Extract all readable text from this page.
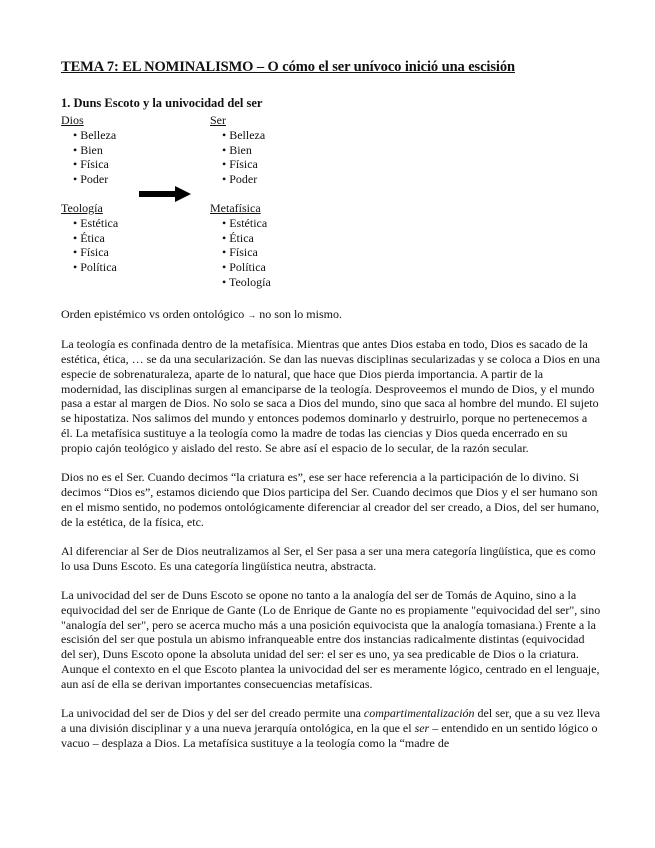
TEMA 7: EL NOMINALISMO – O cómo el ser unívoco inició una escisión
1. Duns Escoto y la univocidad del ser
Dios
• Belleza
• Bien
• Física
• Poder
Teología
• Estética
• Ética
• Física
• Política
Ser
• Belleza
• Bien
• Física
• Poder
Metafísica
• Estética
• Ética
• Física
• Política
• Teología

Orden epistémico vs orden ontológico → no son lo mismo.

La teología es confinada dentro de la metafísica. Mientras que antes Dios estaba en todo, Dios es sacado de la estética, ética, … se da una secularización. Se dan las nuevas disciplinas secularizadas y se coloca a Dios en una especie de sobrenaturaleza, aparte de lo natural, que hace que Dios pierda importancia. A partir de la modernidad, las disciplinas surgen al emanciparse de la teología. Desproveemos el mundo de Dios, y el mundo pasa a estar al margen de Dios. No solo se saca a Dios del mundo, sino que saca al hombre del mundo. El sujeto se hipostatiza. Nos salimos del mundo y entonces podemos dominarlo y destruirlo, porque no pertenecemos a él. La metafísica sustituye a la teología como la madre de todas las ciencias y Dios queda encerrado en su propio cajón teológico y aislado del resto. Se abre así el espacio de lo secular, de la razón secular.

Dios no es el Ser. Cuando decimos “la criatura es”, ese ser hace referencia a la participación de lo divino. Si decimos “Dios es”, estamos diciendo que Dios participa del Ser. Cuando decimos que Dios y el ser humano son en el mismo sentido, no podemos ontológicamente diferenciar al creador del ser creado, a Dios, del ser humano, de la estética, de la física, etc.

Al diferenciar al Ser de Dios neutralizamos al Ser, el Ser pasa a ser una mera categoría lingüística, que es como lo usa Duns Escoto. Es una categoría lingüística neutra, abstracta.

La univocidad del ser de Duns Escoto se opone no tanto a la analogía del ser de Tomás de Aquino, sino a la equivocidad del ser de Enrique de Gante (Lo de Enrique de Gante no es propiamente "equivocidad del ser", sino "analogía del ser", pero se acerca mucho más a una posición equivocista que la analogía tomasiana.) Frente a la escisión del ser que postula un abismo infranqueable entre dos instancias radicalmente distintas (equivocidad del ser), Duns Escoto opone la absoluta unidad del ser: el ser es uno, ya sea predicable de Dios o la criatura. Aunque el contexto en el que Escoto plantea la univocidad del ser es meramente lógico, centrado en el lenguaje, aun así de ella se derivan importantes consecuencias metafísicas.

La univocidad del ser de Dios y del ser del creado permite una compartimentalización del ser, que a su vez lleva a una división disciplinar y a una nueva jerarquía ontológica, en la que el ser – entendido en un sentido lógico o vacuo – desplaza a Dios. La metafísica sustituye a la teología como la “madre de
